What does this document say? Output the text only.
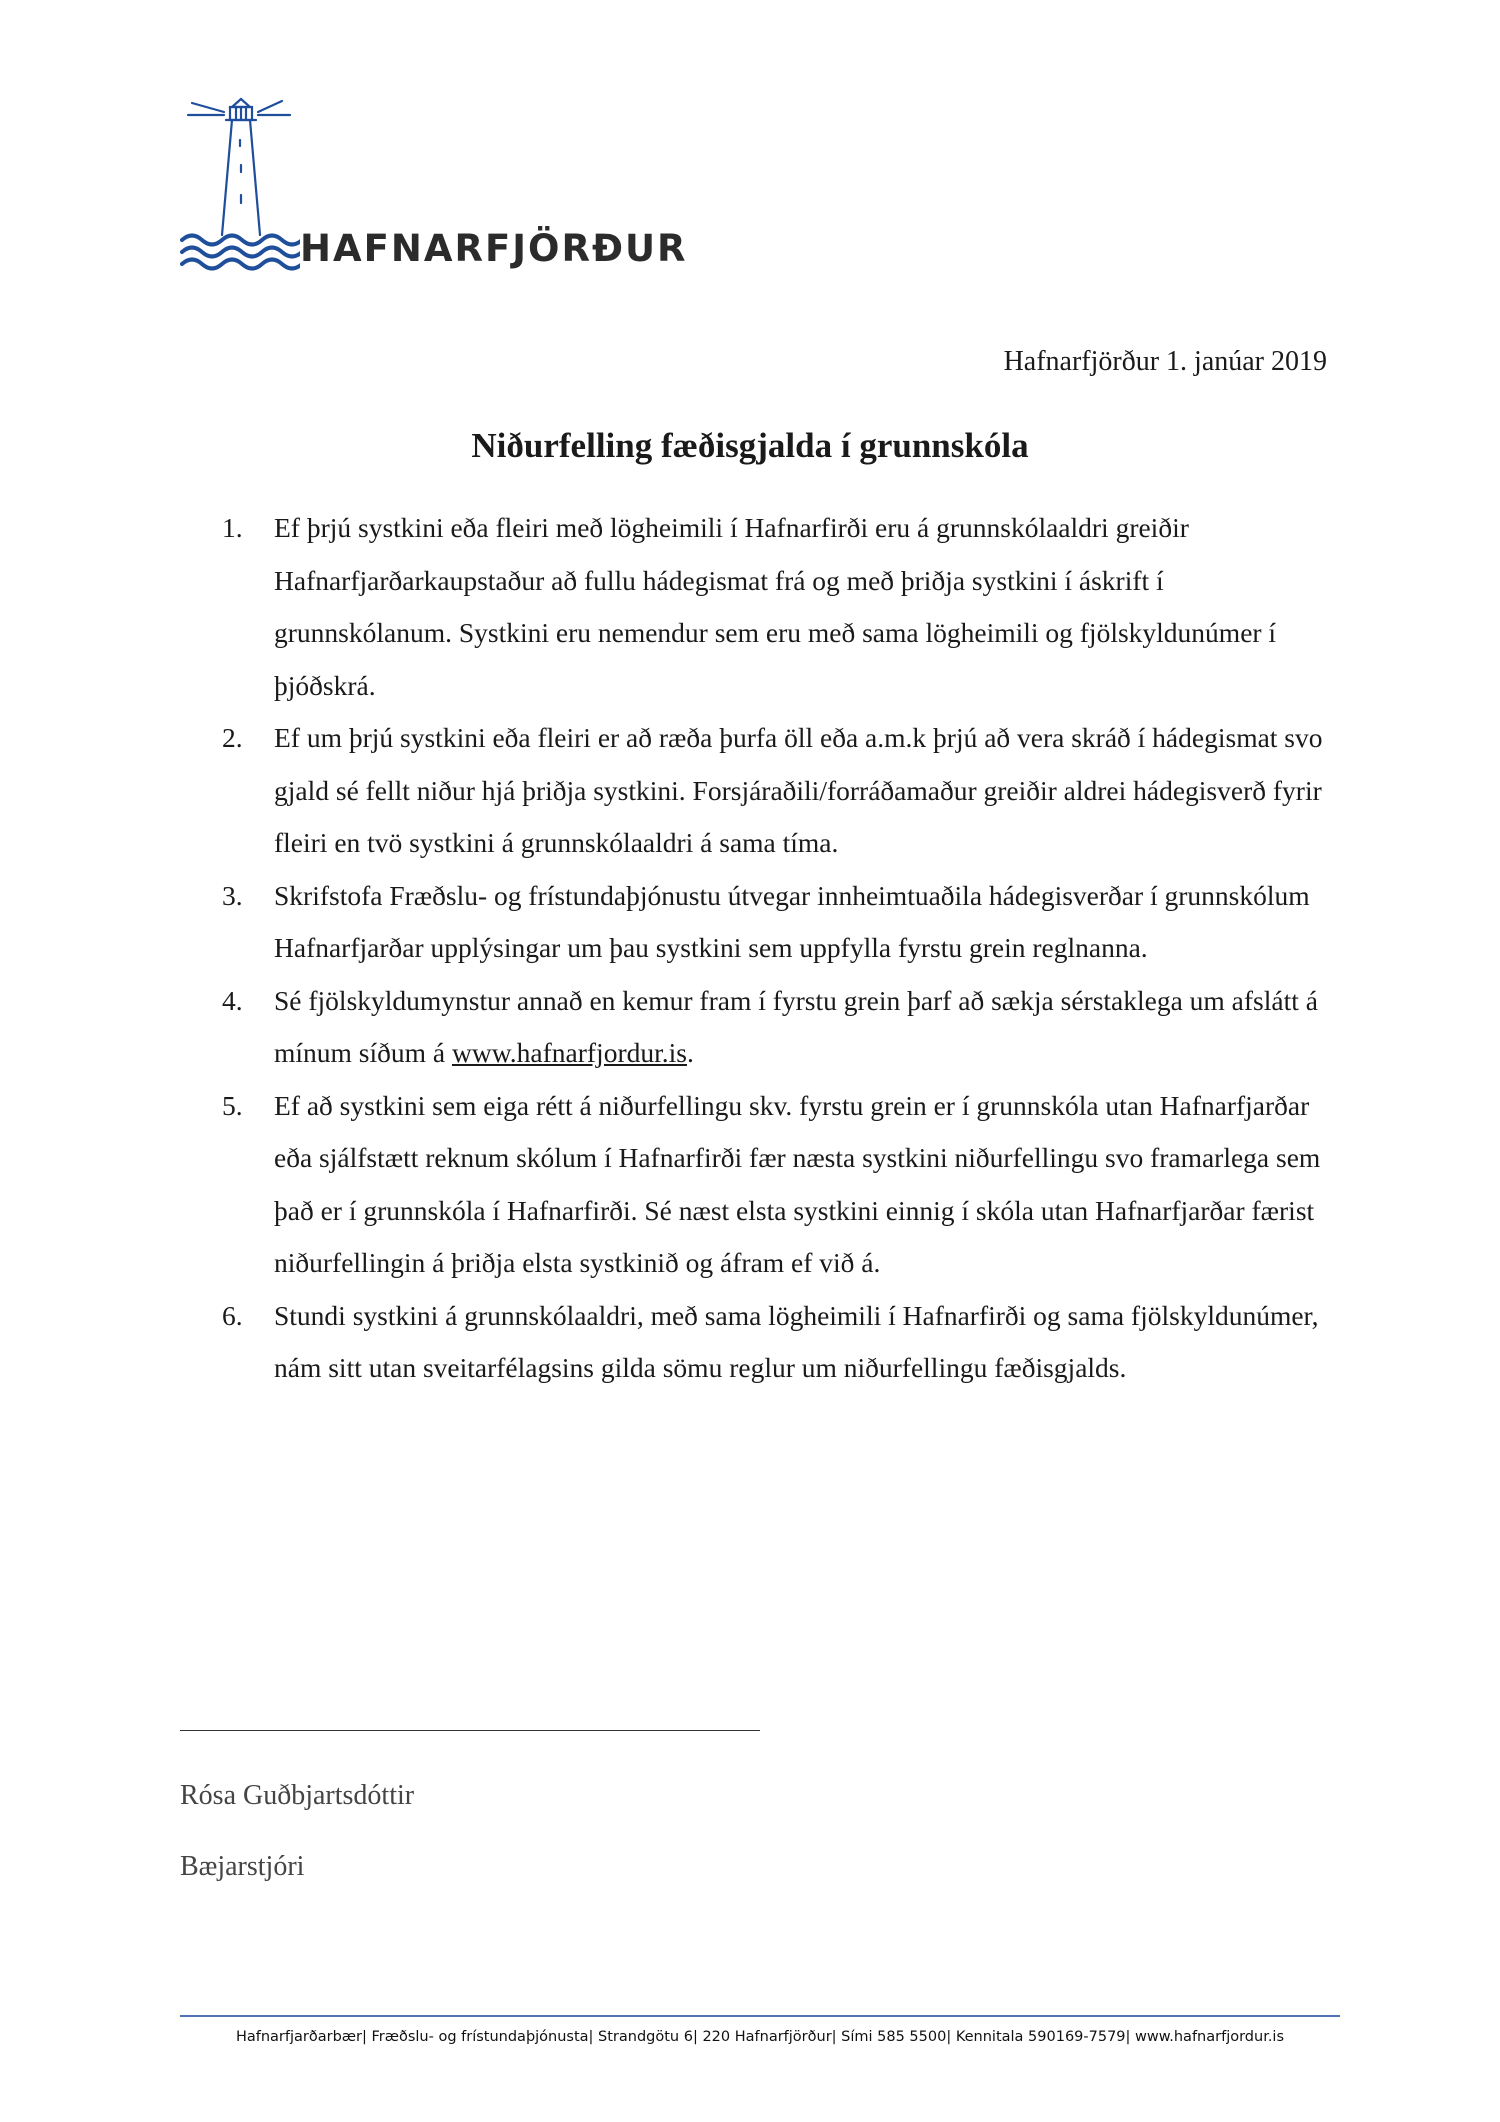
HAFNARFJÖRÐUR
Hafnarfjörður 1. janúar 2019
Niðurfelling fæðisgjalda í grunnskóla
1. Ef þrjú systkini eða fleiri með lögheimili í Hafnarfirði eru á grunnskólaaldri greiðir Hafnarfjarðarkaupstaður að fullu hádegismat frá og með þriðja systkini í áskrift í grunnskólanum. Systkini eru nemendur sem eru með sama lögheimili og fjölskyldunúmer í þjóðskrá.
2. Ef um þrjú systkini eða fleiri er að ræða þurfa öll eða a.m.k þrjú að vera skráð í hádegismat svo gjald sé fellt niður hjá þriðja systkini. Forsjáraðili/forráðamaður greiðir aldrei hádegisverð fyrir fleiri en tvö systkini á grunnskólaaldri á sama tíma.
3. Skrifstofa Fræðslu- og frístundaþjónustu útvegar innheimtuaðila hádegisverðar í grunnskólum Hafnarfjarðar upplýsingar um þau systkini sem uppfylla fyrstu grein reglnanna.
4. Sé fjölskyldumynstur annað en kemur fram í fyrstu grein þarf að sækja sérstaklega um afslátt á mínum síðum á www.hafnarfjordur.is.
5. Ef að systkini sem eiga rétt á niðurfellingu skv. fyrstu grein er í grunnskóla utan Hafnarfjarðar eða sjálfstætt reknum skólum í Hafnarfirði fær næsta systkini niðurfellingu svo framarlega sem það er í grunnskóla í Hafnarfirði. Sé næst elsta systkini einnig í skóla utan Hafnarfjarðar færist niðurfellingin á þriðja elsta systkinið og áfram ef við á.
6. Stundi systkini á grunnskólaaldri, með sama lögheimili í Hafnarfirði og sama fjölskyldunúmer, nám sitt utan sveitarfélagsins gilda sömu reglur um niðurfellingu fæðisgjalds.
Rósa Guðbjartsdóttir
Bæjarstjóri
Hafnarfjarðarbær| Fræðslu- og frístundaþjónusta| Strandgötu 6| 220 Hafnarfjörður| Sími 585 5500| Kennitala 590169-7579| www.hafnarfjordur.is
